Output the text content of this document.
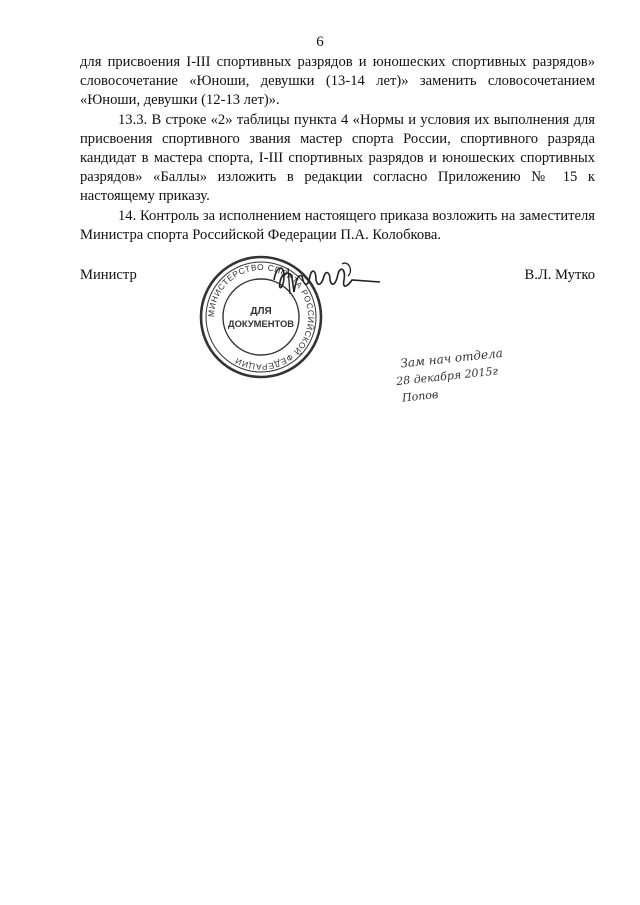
6

для присвоения I-III спортивных разрядов и юношеских спортивных разрядов» словосочетание «Юноши, девушки (13-14 лет)» заменить словосочетанием «Юноши, девушки (12-13 лет)».

13.3. В строке «2» таблицы пункта 4 «Нормы и условия их выполнения для присвоения спортивного звания мастер спорта России, спортивного разряда кандидат в мастера спорта, I-III спортивных разрядов и юношеских спортивных разрядов» «Баллы» изложить в редакции согласно Приложению № 15 к настоящему приказу.

14. Контроль за исполнением настоящего приказа возложить на заместителя Министра спорта Российской Федерации П.А. Колобкова.

Министр	В.Л. Мутко
МИНИСТЕРСТВО СПОРТА РОССИЙСКОЙ ФЕДЕРАЦИИ
ДЛЯ
ДОКУМЕНТОВ
Зам нач отдела
28 декабря 2015г
Попов
